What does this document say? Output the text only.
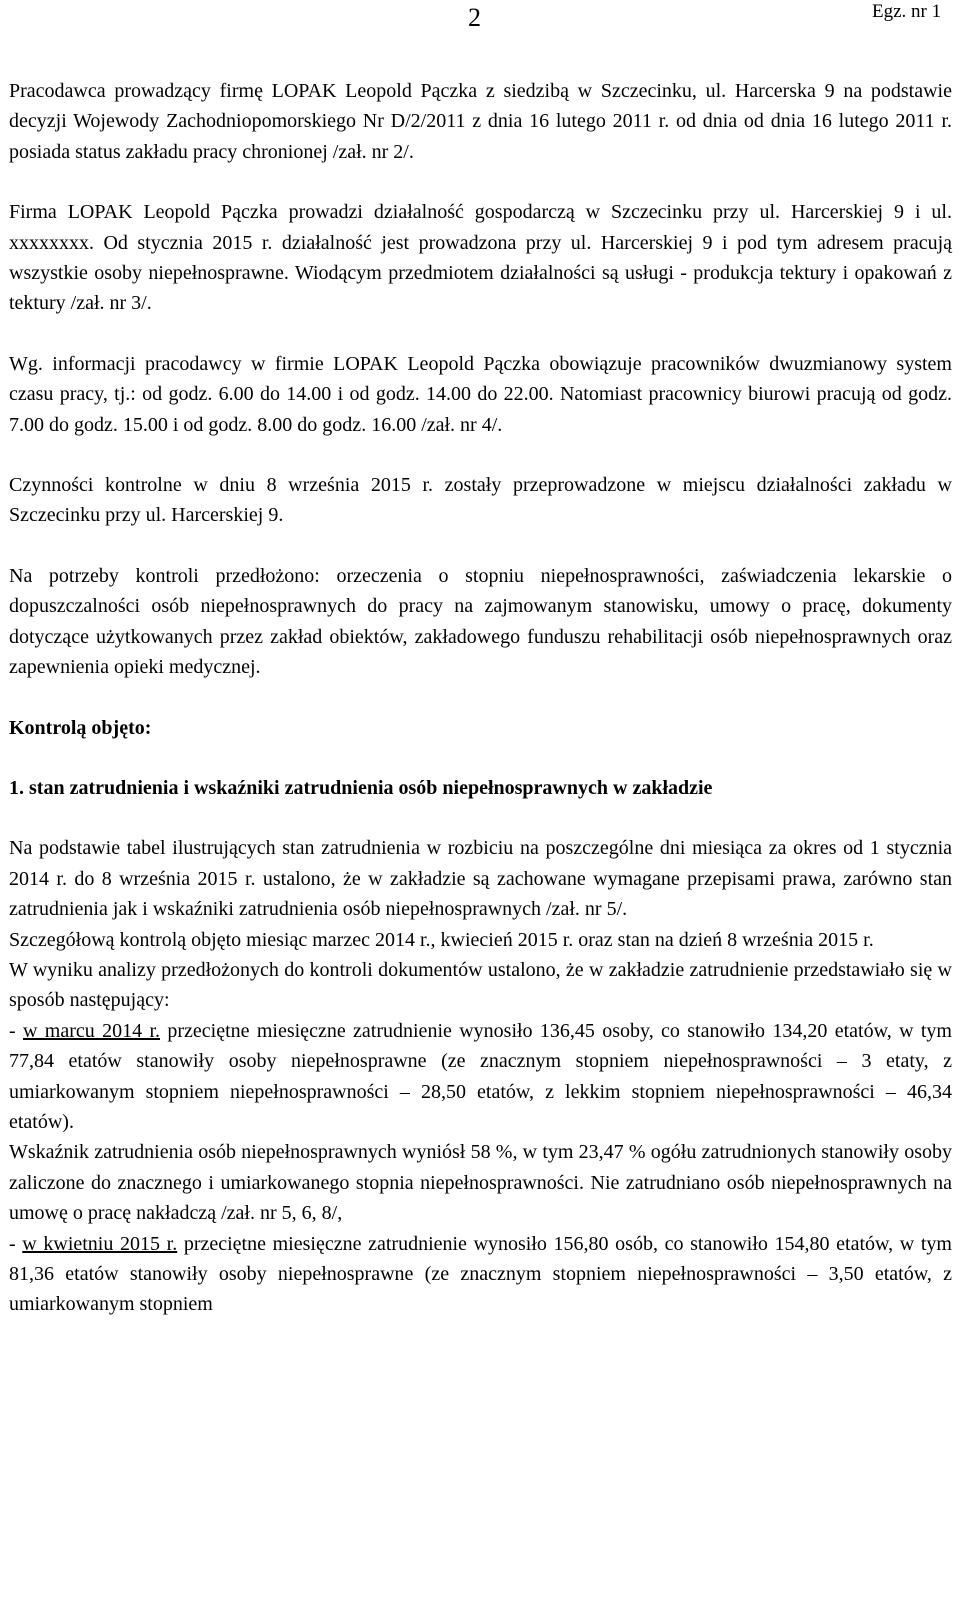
2	Egz. nr 1

Pracodawca prowadzący firmę LOPAK Leopold Pączka z siedzibą w Szczecinku, ul. Harcerska 9 na podstawie decyzji Wojewody Zachodniopomorskiego Nr D/2/2011 z dnia 16 lutego 2011 r. od dnia od dnia 16 lutego 2011 r. posiada status zakładu pracy chronionej /zał. nr 2/.

Firma LOPAK Leopold Pączka prowadzi działalność gospodarczą w Szczecinku przy ul. Harcerskiej 9 i ul. xxxxxxxx. Od stycznia 2015 r. działalność jest prowadzona przy ul. Harcerskiej 9 i pod tym adresem pracują wszystkie osoby niepełnosprawne. Wiodącym przedmiotem działalności są usługi - produkcja tektury i opakowań z tektury /zał. nr 3/.

Wg. informacji pracodawcy w firmie LOPAK Leopold Pączka obowiązuje pracowników dwuzmianowy system czasu pracy, tj.: od godz. 6.00 do 14.00 i od godz. 14.00 do 22.00. Natomiast pracownicy biurowi pracują od godz. 7.00 do godz. 15.00 i od godz. 8.00 do godz. 16.00 /zał. nr 4/.

Czynności kontrolne w dniu 8 września 2015 r. zostały przeprowadzone w miejscu działalności zakładu w Szczecinku przy ul. Harcerskiej 9.

Na potrzeby kontroli przedłożono: orzeczenia o stopniu niepełnosprawności, zaświadczenia lekarskie o dopuszczalności osób niepełnosprawnych do pracy na zajmowanym stanowisku, umowy o pracę, dokumenty dotyczące użytkowanych przez zakład obiektów, zakładowego funduszu rehabilitacji osób niepełnosprawnych oraz zapewnienia opieki medycznej.

Kontrolą objęto:

1. stan zatrudnienia i wskaźniki zatrudnienia osób niepełnosprawnych w zakładzie

Na podstawie tabel ilustrujących stan zatrudnienia w rozbiciu na poszczególne dni miesiąca za okres od 1 stycznia 2014 r. do 8 września 2015 r. ustalono, że w zakładzie są zachowane wymagane przepisami prawa, zarówno stan zatrudnienia jak i wskaźniki zatrudnienia osób niepełnosprawnych /zał. nr 5/.

Szczegółową kontrolą objęto miesiąc marzec 2014 r., kwiecień 2015 r. oraz stan na dzień 8 września 2015 r.

W wyniku analizy przedłożonych do kontroli dokumentów ustalono, że w zakładzie zatrudnienie przedstawiało się w sposób następujący:

- w marcu 2014 r. przeciętne miesięczne zatrudnienie wynosiło 136,45 osoby, co stanowiło 134,20 etatów, w tym 77,84 etatów stanowiły osoby niepełnosprawne (ze znacznym stopniem niepełnosprawności – 3 etaty, z umiarkowanym stopniem niepełnosprawności – 28,50 etatów, z lekkim stopniem niepełnosprawności – 46,34 etatów).

Wskaźnik zatrudnienia osób niepełnosprawnych wyniósł 58 %, w tym 23,47 % ogółu zatrudnionych stanowiły osoby zaliczone do znacznego i umiarkowanego stopnia niepełnosprawności. Nie zatrudniano osób niepełnosprawnych na umowę o pracę nakładczą /zał. nr 5, 6, 8/,

- w kwietniu 2015 r. przeciętne miesięczne zatrudnienie wynosiło 156,80 osób, co stanowiło 154,80 etatów, w tym 81,36 etatów stanowiły osoby niepełnosprawne (ze znacznym stopniem niepełnosprawności – 3,50 etatów, z umiarkowanym stopniem
